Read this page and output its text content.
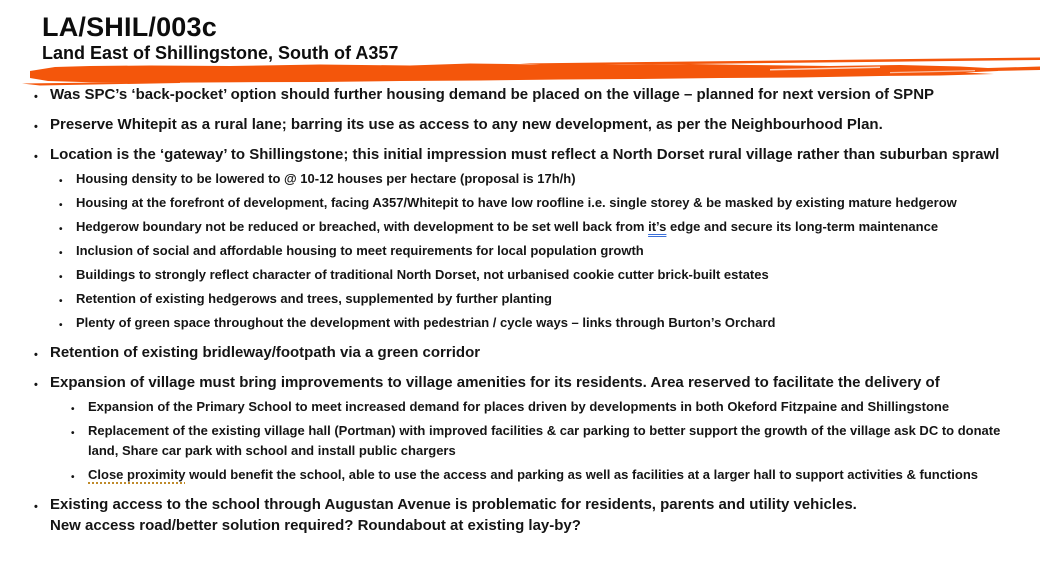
LA/SHIL/003c
Land East of Shillingstone, South of A357
• Was SPC’s ‘back-pocket’ option should further housing demand be placed on the village – planned for next version of SPNP
• Preserve Whitepit as a rural lane; barring its use as access to any new development, as per the Neighbourhood Plan.
• Location is the ‘gateway’ to Shillingstone; this initial impression must reflect a North Dorset rural village rather than suburban sprawl
• Housing density to be lowered to @ 10-12 houses per hectare (proposal is 17h/h)
• Housing at the forefront of development, facing A357/Whitepit to have low roofline i.e. single storey & be masked by existing mature hedgerow
• Hedgerow boundary not be reduced or breached, with development to be set well back from it’s edge and secure its long-term maintenance
• Inclusion of social and affordable housing to meet requirements for local population growth
• Buildings to strongly reflect character of traditional North Dorset, not urbanised cookie cutter brick-built estates
• Retention of existing hedgerows and trees, supplemented by further planting
• Plenty of green space throughout the development with pedestrian / cycle ways – links through Burton’s Orchard
• Retention of existing bridleway/footpath via a green corridor
• Expansion of village must bring improvements to village amenities for its residents. Area reserved to facilitate the delivery of
• Expansion of the Primary School to meet increased demand for places driven by developments in both Okeford Fitzpaine and Shillingstone
• Replacement of the existing village hall (Portman) with improved facilities & car parking to better support the growth of the village ask DC to donate land, Share car park with school and install public chargers
• Close proximity would benefit the school, able to use the access and parking as well as facilities at a larger hall to support activities & functions
• Existing access to the school through Augustan Avenue is problematic for residents, parents and utility vehicles.
New access road/better solution required? Roundabout at existing lay-by?
